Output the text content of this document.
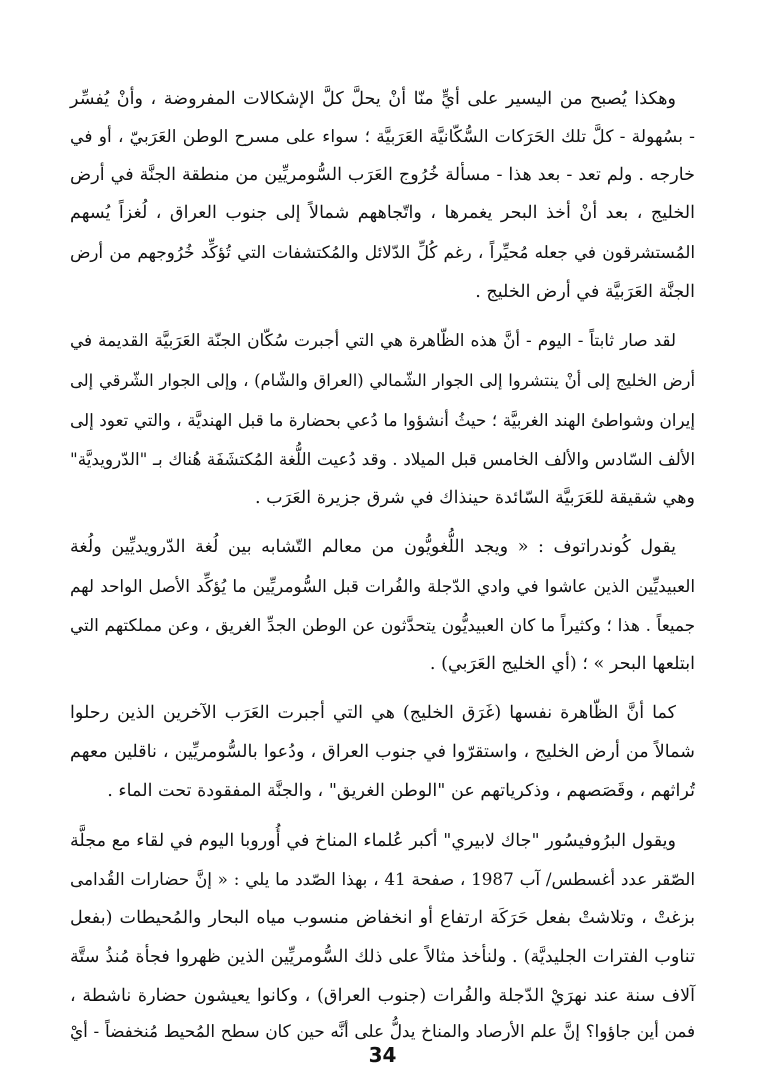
وهكذا يُصبح من اليسير على أيٍّ منّا أنْ يحلَّ كلَّ الإشكالات المفروضة ، وأنْ يُفسِّر
- بسُهولة - كلَّ تلك الحَرَكات السُّكّانيَّة العَرَبيَّة ؛ سواء على مسرح الوطن العَرَبيّ ، أو في
خارجه . ولم تعد - بعد هذا - مسألة خُرُوج العَرَب السُّومريِّين من منطقة الجنَّة في أرض
الخليج ، بعد أنْ أخذ البحر يغمرها ، واتّجاههم شمالاً إلى جنوب العراق ، لُغزاً يُسهم
المُستشرقون في جعله مُحيِّراً ، رغم كُلِّ الدّلائل والمُكتشفات التي تُؤكِّد خُرُوجهم من أرض
الجنَّة العَرَبيَّة في أرض الخليج .
لقد صار ثابتاً - اليوم - أنَّ هذه الظّاهرة هي التي أجبرت سُكّان الجنّة العَرَبيَّة القديمة في
أرض الخليج إلى أنْ ينتشروا إلى الجوار الشّمالي (العراق والشّام) ، وإلى الجوار الشّرقي إلى
إيران وشواطئ الهند الغربيَّة ؛ حيثُ أنشؤوا ما دُعي بحضارة ما قبل الهنديَّة ، والتي تعود إلى
الألف السّادس والألف الخامس قبل الميلاد . وقد دُعيت اللُّغة المُكتشَفَة هُناك بـ "الدّرويديَّة"
وهي شقيقة للعَرَبيَّة السّائدة حينذاك في شرق جزيرة العَرَب .
يقول كُوندراتوف : « ويجد اللُّغويُّون من معالم التّشابه بين لُغة الدّرويديِّين ولُغة
العبيديِّين الذين عاشوا في وادي الدّجلة والفُرات قبل السُّومريِّين ما يُؤكِّد الأصل الواحد لهم
جميعاً . هذا ؛ وكثيراً ما كان العبيديُّون يتحدَّثون عن الوطن الجدِّ الغريق ، وعن مملكتهم التي
ابتلعها البحر » ؛ (أي الخليج العَرَبي) .
كما أنَّ الظّاهرة نفسها (غَرَق الخليج) هي التي أجبرت العَرَب الآخرين الذين رحلوا
شمالاً من أرض الخليج ، واستقرّوا في جنوب العراق ، ودُعوا بالسُّومريِّين ، ناقلين معهم
تُراثهم ، وقَصَصهم ، وذكرياتهم عن "الوطن الغريق" ، والجنَّة المفقودة تحت الماء .
ويقول البرُوفيسُور "جاك لابيري" أكبر عُلماء المناخ في أُوروبا اليوم في لقاء مع مجلَّة
الصّقر عدد أغسطس/ آب 1987 ، صفحة 41 ، بهذا الصّدد ما يلي : « إنَّ حضارات القُدامى
بزغتْ ، وتلاشتْ بفعل حَرَكَة ارتفاع أو انخفاض منسوب مياه البحار والمُحيطات (بفعل
تناوب الفترات الجليديَّة) . ولنأخذ مثالاً على ذلك السُّومريِّين الذين ظهروا فجأة مُنذُ ستَّة
آلاف سنة عند نهرَيْ الدّجلة والفُرات (جنوب العراق) ، وكانوا يعيشون حضارة ناشطة ،
فمن أين جاؤوا؟ إنَّ علم الأرصاد والمناخ يدلُّ على أنَّه حين كان سطح المُحيط مُنخفضاً - أيْ
34
